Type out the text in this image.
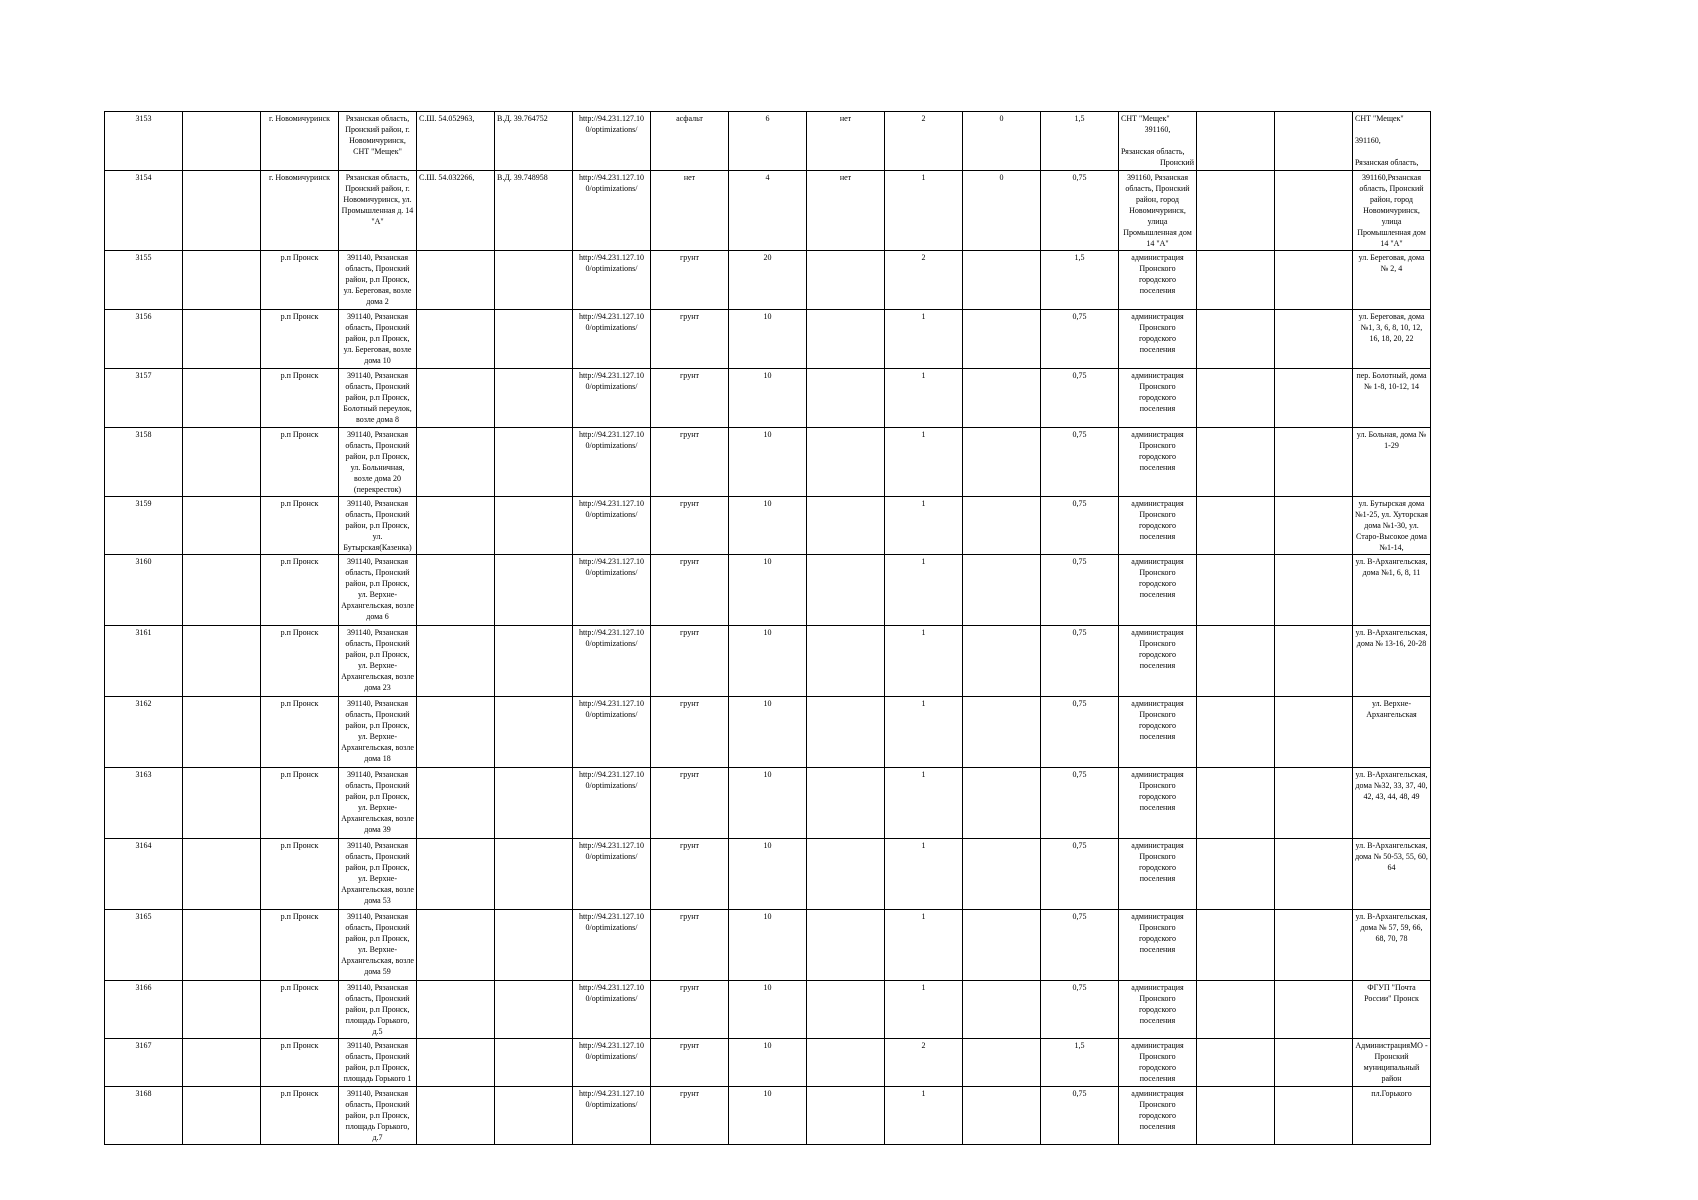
3153		г. Новомичуринск	Рязанская область, Пронский район, г. Новомичуринск, СНТ "Мещек"	С.Ш. 54.052963,	В.Д. 39.764752	http://94.231.127.10 0/optimizations/	асфальт	6	нет	2	0	1,5	СНТ "Мещек"
391160,
Рязанская область,
Пронский			СНТ "Мещек"
391160,
Рязанская область,

3154		г. Новомичуринск	Рязанская область, Пронский район, г. Новомичуринск, ул. Промышленная д. 14 "А"	С.Ш. 54.032266,	В.Д. 39.748958	http://94.231.127.10 0/optimizations/	нет	4	нет	1	0	0,75	391160, Рязанская область, Пронский район, город Новомичуринск, улица Промышленная дом 14 "А"			391160,Рязанская область, Пронский район, город Новомичуринск, улица Промышленная дом 14 "А"
3155		р.п Пронск	391140, Рязанская область, Пронский район, р.п Пронск, ул. Береговая, возле дома 2			http://94.231.127.10 0/optimizations/	грунт	20		2		1,5	администрация Пронского городского поселения			ул. Береговая, дома № 2, 4
3156		р.п Пронск	391140, Рязанская область, Пронский район, р.п Пронск, ул. Береговая, возле дома 10			http://94.231.127.10 0/optimizations/	грунт	10		1		0,75	администрация Пронского городского поселения			ул. Береговая, дома №1, 3, 6, 8, 10, 12, 16, 18, 20, 22
3157		р.п Пронск	391140, Рязанская область, Пронский район, р.п Пронск, Болотный переулок, возле дома 8			http://94.231.127.10 0/optimizations/	грунт	10		1		0,75	администрация Пронского городского поселения			пер. Болотный, дома № 1-8, 10-12, 14
3158		р.п Пронск	391140, Рязанская область, Пронский район, р.п Пронск, ул. Больничная, возле дома 20 (перекресток)			http://94.231.127.10 0/optimizations/	грунт	10		1		0,75	администрация Пронского городского поселения			ул. Больная, дома № 1-29
3159		р.п Пронск	391140, Рязанская область, Пронский район, р.п Пронск, ул. Бутырская(Казенка)			http://94.231.127.10 0/optimizations/	грунт	10		1		0,75	администрация Пронского городского поселения			ул. Бутырская дома №1-25, ул. Хуторская дома №1-30, ул. Старо-Высокое дома №1-14,
3160		р.п Пронск	391140, Рязанская область, Пронский район, р.п Пронск, ул. Верхне-Архангельская, возле дома 6			http://94.231.127.10 0/optimizations/	грунт	10		1		0,75	администрация Пронского городского поселения			ул. В-Архангельская, дома №1, 6, 8, 11
3161		р.п Пронск	391140, Рязанская область, Пронский район, р.п Пронск, ул. Верхне-Архангельская, возле дома 23			http://94.231.127.10 0/optimizations/	грунт	10		1		0,75	администрация Пронского городского поселения			ул. В-Архангельская, дома № 13-16, 20-28
3162		р.п Пронск	391140, Рязанская область, Пронский район, р.п Пронск, ул. Верхне-Архангельская, возле дома 18			http://94.231.127.10 0/optimizations/	грунт	10		1		0,75	администрация Пронского городского поселения			ул. Верхне-Архангельская
3163		р.п Пронск	391140, Рязанская область, Пронский район, р.п Пронск, ул. Верхне-Архангельская, возле дома 39			http://94.231.127.10 0/optimizations/	грунт	10		1		0,75	администрация Пронского городского поселения			ул. В-Архангельская, дома №32, 33, 37, 40, 42, 43, 44, 48, 49
3164		р.п Пронск	391140, Рязанская область, Пронский район, р.п Пронск, ул. Верхне-Архангельская, возле дома 53			http://94.231.127.10 0/optimizations/	грунт	10		1		0,75	администрация Пронского городского поселения			ул. В-Архангельская, дома № 50-53, 55, 60, 64
3165		р.п Пронск	391140, Рязанская область, Пронский район, р.п Пронск, ул. Верхне-Архангельская, возле дома 59			http://94.231.127.10 0/optimizations/	грунт	10		1		0,75	администрация Пронского городского поселения			ул. В-Архангельская, дома № 57, 59, 66, 68, 70, 78
3166		р.п Пронск	391140, Рязанская область, Пронский район, р.п Пронск, площадь Горького, д.5			http://94.231.127.10 0/optimizations/	грунт	10		1		0,75	администрация Пронского городского поселения			ФГУП "Почта России" Пронск
3167		р.п Пронск	391140, Рязанская область, Пронский район, р.п Пронск, площадь Горького 1			http://94.231.127.10 0/optimizations/	грунт	10		2		1,5	администрация Пронского городского поселения			АдминистрацияМО - Пронский муниципальный район
3168		р.п Пронск	391140, Рязанская область, Пронский район, р.п Пронск, площадь Горького, д.7			http://94.231.127.10 0/optimizations/	грунт	10		1		0,75	администрация Пронского городского поселения			пл.Горького
